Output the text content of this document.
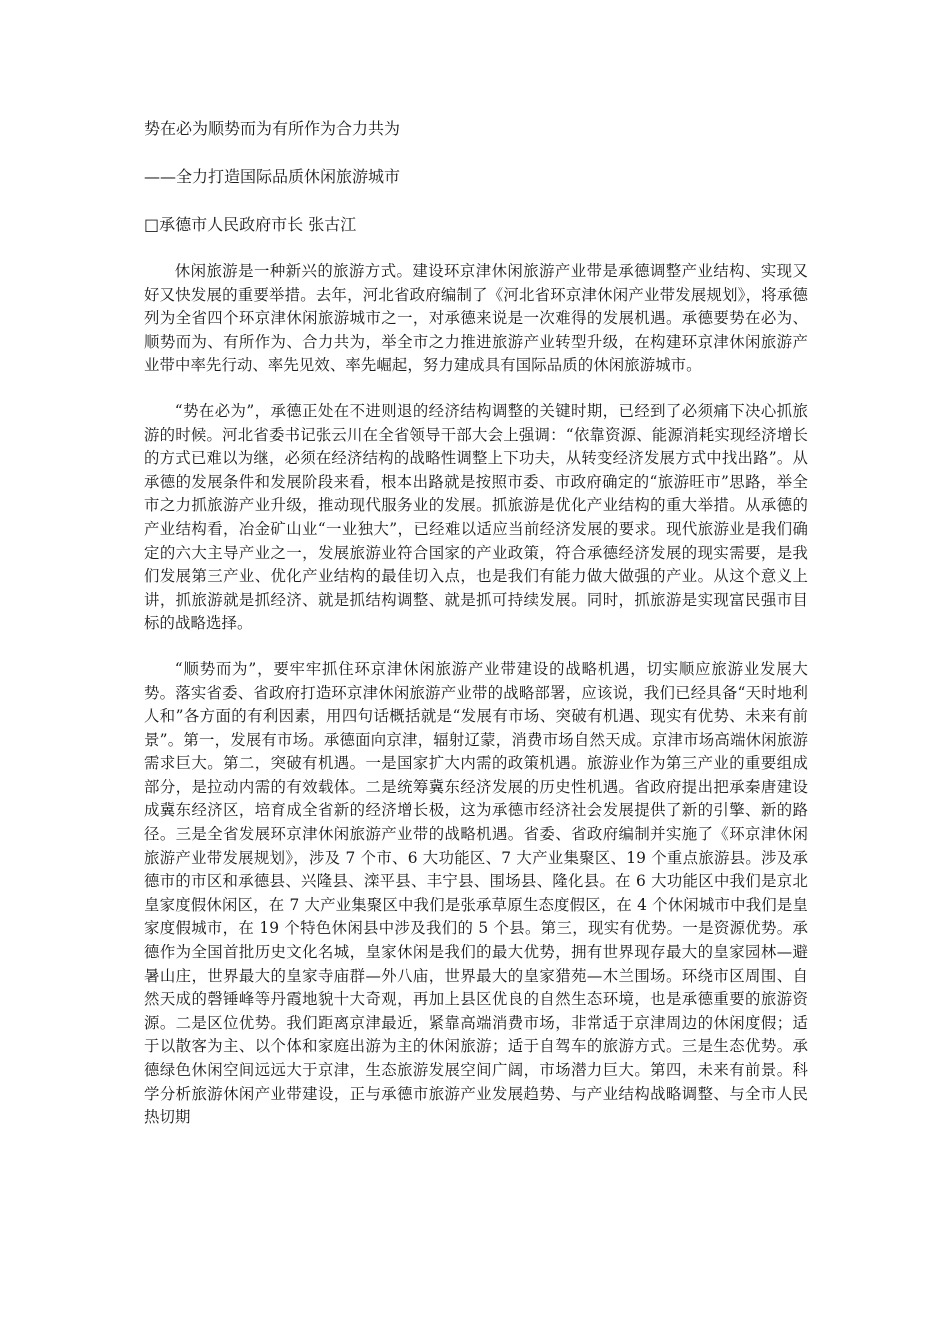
势在必为顺势而为有所作为合力共为
——全力打造国际品质休闲旅游城市
□承德市人民政府市长 张古江

休闲旅游是一种新兴的旅游方式。建设环京津休闲旅游产业带是承德调整产业结构、实现又好又快发展的重要举措。去年，河北省政府编制了《河北省环京津休闲产业带发展规划》，将承德列为全省四个环京津休闲旅游城市之一，对承德来说是一次难得的发展机遇。承德要势在必为、顺势而为、有所作为、合力共为，举全市之力推进旅游产业转型升级，在构建环京津休闲旅游产业带中率先行动、率先见效、率先崛起，努力建成具有国际品质的休闲旅游城市。

“势在必为”，承德正处在不进则退的经济结构调整的关键时期，已经到了必须痛下决心抓旅游的时候。河北省委书记张云川在全省领导干部大会上强调：“依靠资源、能源消耗实现经济增长的方式已难以为继，必须在经济结构的战略性调整上下功夫，从转变经济发展方式中找出路”。从承德的发展条件和发展阶段来看，根本出路就是按照市委、市政府确定的“旅游旺市”思路，举全市之力抓旅游产业升级，推动现代服务业的发展。抓旅游是优化产业结构的重大举措。从承德的产业结构看，冶金矿山业“一业独大”，已经难以适应当前经济发展的要求。现代旅游业是我们确定的六大主导产业之一，发展旅游业符合国家的产业政策，符合承德经济发展的现实需要，是我们发展第三产业、优化产业结构的最佳切入点，也是我们有能力做大做强的产业。从这个意义上讲，抓旅游就是抓经济、就是抓结构调整、就是抓可持续发展。同时，抓旅游是实现富民强市目标的战略选择。

“顺势而为”，要牢牢抓住环京津休闲旅游产业带建设的战略机遇，切实顺应旅游业发展大势。落实省委、省政府打造环京津休闲旅游产业带的战略部署，应该说，我们已经具备“天时地利人和”各方面的有利因素，用四句话概括就是“发展有市场、突破有机遇、现实有优势、未来有前景”。第一，发展有市场。承德面向京津，辐射辽蒙，消费市场自然天成。京津市场高端休闲旅游需求巨大。第二，突破有机遇。一是国家扩大内需的政策机遇。旅游业作为第三产业的重要组成部分，是拉动内需的有效载体。二是统筹冀东经济发展的历史性机遇。省政府提出把承秦唐建设成冀东经济区，培育成全省新的经济增长极，这为承德市经济社会发展提供了新的引擎、新的路径。三是全省发展环京津休闲旅游产业带的战略机遇。省委、省政府编制并实施了《环京津休闲旅游产业带发展规划》，涉及 7 个市、6 大功能区、7 大产业集聚区、19 个重点旅游县。涉及承德市的市区和承德县、兴隆县、滦平县、丰宁县、围场县、隆化县。在 6 大功能区中我们是京北皇家度假休闲区，在 7 大产业集聚区中我们是张承草原生态度假区，在 4 个休闲城市中我们是皇家度假城市，在 19 个特色休闲县中涉及我们的 5 个县。第三，现实有优势。一是资源优势。承德作为全国首批历史文化名城，皇家休闲是我们的最大优势，拥有世界现存最大的皇家园林—避暑山庄，世界最大的皇家寺庙群—外八庙，世界最大的皇家猎苑—木兰围场。环绕市区周围、自然天成的磬锤峰等丹霞地貌十大奇观，再加上县区优良的自然生态环境，也是承德重要的旅游资源。二是区位优势。我们距离京津最近，紧靠高端消费市场，非常适于京津周边的休闲度假；适于以散客为主、以个体和家庭出游为主的休闲旅游；适于自驾车的旅游方式。三是生态优势。承德绿色休闲空间远远大于京津，生态旅游发展空间广阔，市场潜力巨大。第四，未来有前景。科学分析旅游休闲产业带建设，正与承德市旅游产业发展趋势、与产业结构战略调整、与全市人民热切期
